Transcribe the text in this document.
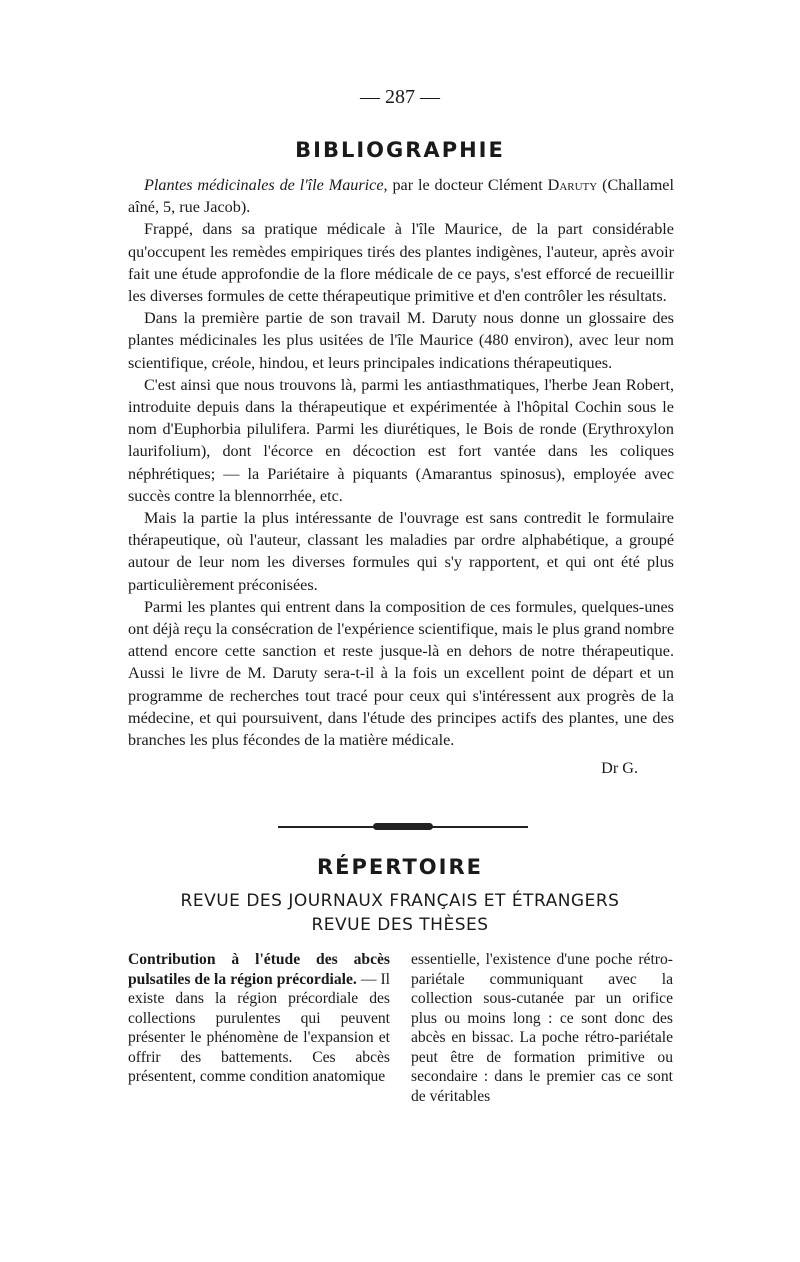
— 287 —
BIBLIOGRAPHIE

Plantes médicinales de l'île Maurice, par le docteur Clément Daruty (Challamel aîné, 5, rue Jacob).

Frappé, dans sa pratique médicale à l'île Maurice, de la part considérable qu'occupent les remèdes empiriques tirés des plantes indigènes, l'auteur, après avoir fait une étude approfondie de la flore médicale de ce pays, s'est efforcé de recueillir les diverses formules de cette thérapeutique primitive et d'en contrôler les résultats.

Dans la première partie de son travail M. Daruty nous donne un glossaire des plantes médicinales les plus usitées de l'île Maurice (480 environ), avec leur nom scientifique, créole, hindou, et leurs principales indications thérapeutiques.

C'est ainsi que nous trouvons là, parmi les antiasthmatiques, l'herbe Jean Robert, introduite depuis dans la thérapeutique et expérimentée à l'hôpital Cochin sous le nom d'Euphorbia pilulifera. Parmi les diurétiques, le Bois de ronde (Erythroxylon laurifolium), dont l'écorce en décoction est fort vantée dans les coliques néphrétiques; — la Pariétaire à piquants (Amarantus spinosus), employée avec succès contre la blennorrhée, etc.

Mais la partie la plus intéressante de l'ouvrage est sans contredit le formulaire thérapeutique, où l'auteur, classant les maladies par ordre alphabétique, a groupé autour de leur nom les diverses formules qui s'y rapportent, et qui ont été plus particulièrement préconisées.

Parmi les plantes qui entrent dans la composition de ces formules, quelques-unes ont déjà reçu la consécration de l'expérience scientifique, mais le plus grand nombre attend encore cette sanction et reste jusque-là en dehors de notre thérapeutique. Aussi le livre de M. Daruty sera-t-il à la fois un excellent point de départ et un programme de recherches tout tracé pour ceux qui s'intéressent aux progrès de la médecine, et qui poursuivent, dans l'étude des principes actifs des plantes, une des branches les plus fécondes de la matière médicale.

Dr G.

RÉPERTOIRE
REVUE DES JOURNAUX FRANÇAIS ET ÉTRANGERS
REVUE DES THÈSES

Contribution à l'étude des abcès pulsatiles de la région précordiale. — Il existe dans la région précordiale des collections purulentes qui peuvent présenter le phénomène de l'expansion et offrir des battements. Ces abcès présentent, comme condition anatomique

essentielle, l'existence d'une poche rétro-pariétale communiquant avec la collection sous-cutanée par un orifice plus ou moins long : ce sont donc des abcès en bissac. La poche rétro-pariétale peut être de formation primitive ou secondaire : dans le premier cas ce sont de véritables
